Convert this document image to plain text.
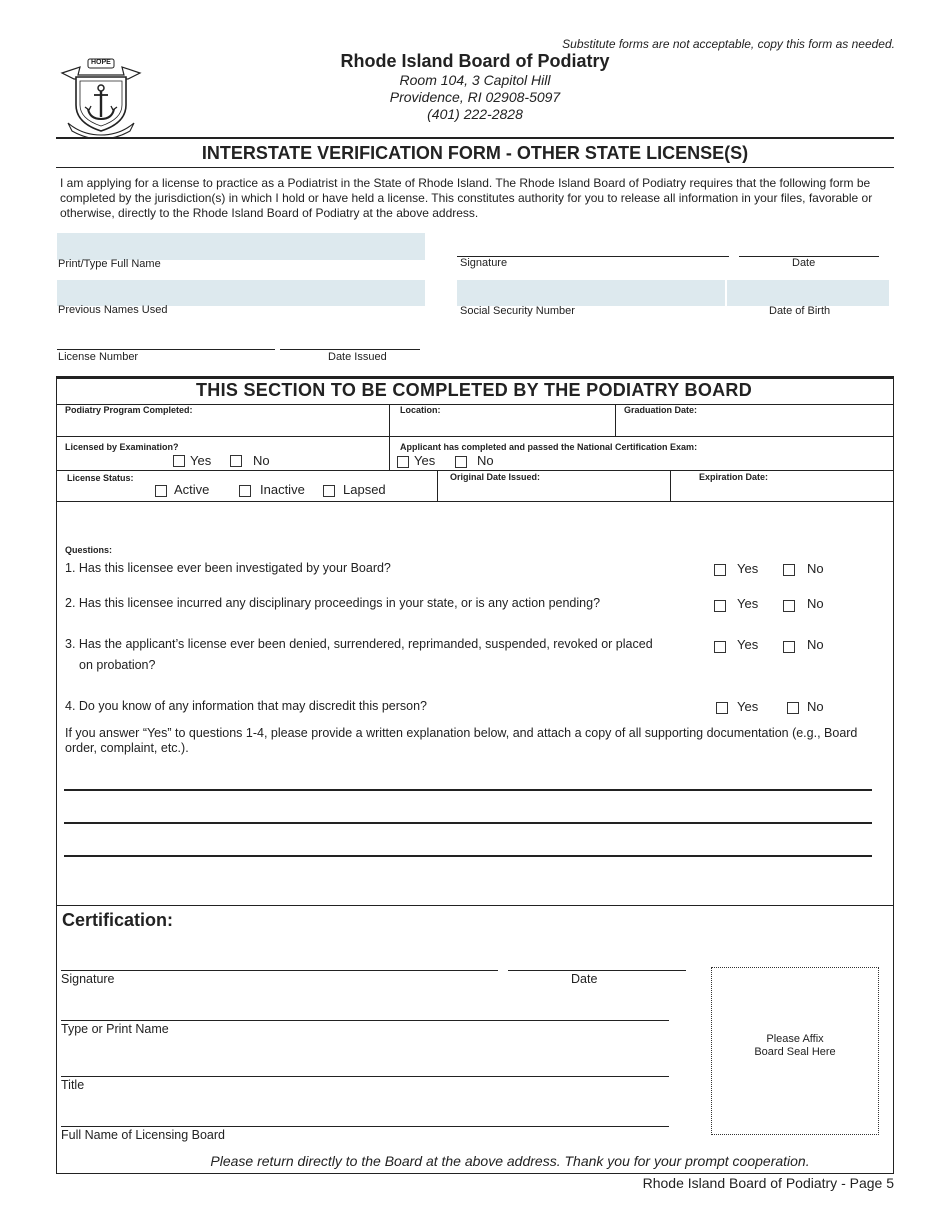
HOPE
Substitute forms are not acceptable, copy this form as needed.
Rhode Island Board of Podiatry
Room 104, 3 Capitol Hill
Providence, RI 02908-5097
(401) 222-2828
INTERSTATE VERIFICATION FORM - OTHER STATE LICENSE(S)
I am applying for a license to practice as a Podiatrist in the State of Rhode Island. The Rhode Island Board of Podiatry requires that the following form be completed by the jurisdiction(s) in which I hold or have held a license. This constitutes authority for you to release all information in your files, favorable or otherwise, directly to the Rhode Island Board of Podiatry at the above address.
Print/Type Full Name	Signature	Date
Previous Names Used	Social Security Number	Date of Birth
License Number	Date Issued
THIS SECTION TO BE COMPLETED BY THE PODIATRY BOARD
Podiatry Program Completed:	Location:	Graduation Date:
Licensed by Examination?
Yes	No
Applicant has completed and passed the National Certification Exam:
Yes	No
License Status:
Active	Inactive	Lapsed
Original Date Issued:	Expiration Date:
Questions:
1. Has this licensee ever been investigated by your Board?	Yes	No
2. Has this licensee incurred any disciplinary proceedings in your state, or is any action pending?	Yes	No
3. Has the applicant’s license ever been denied, surrendered, reprimanded, suspended, revoked or placed
on probation?
Yes	No
4. Do you know of any information that may discredit this person?	Yes	No
If you answer “Yes” to questions 1-4, please provide a written explanation below, and attach a copy of all supporting documentation (e.g., Board order, complaint, etc.).
Certification:
Signature	Date
Type or Print Name
Title
Full Name of Licensing Board
Please Affix
Board Seal Here
Please return directly to the Board at the above address. Thank you for your prompt cooperation.
Rhode Island Board of Podiatry - Page 5
